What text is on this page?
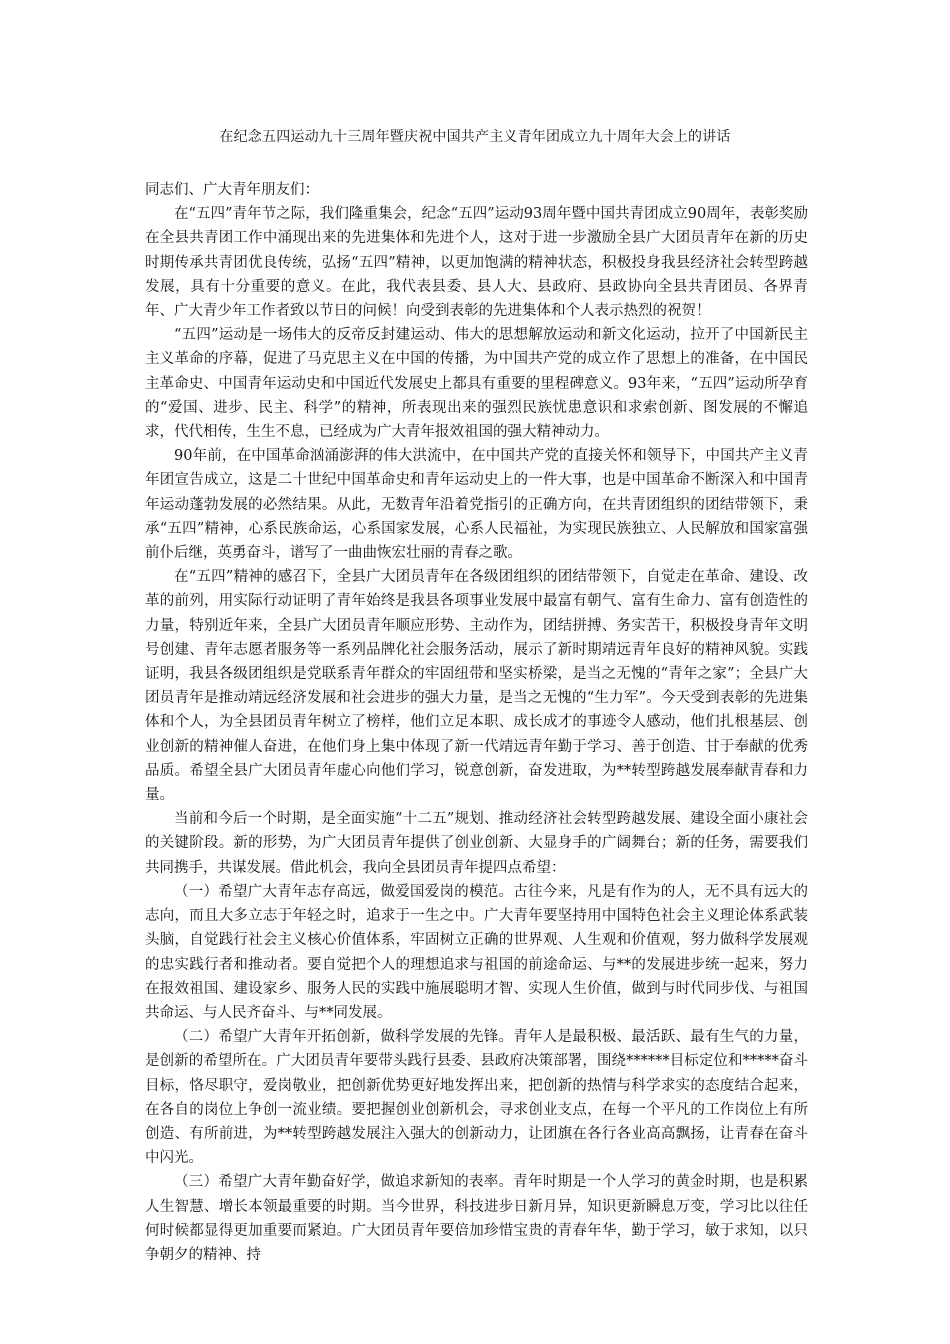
在纪念五四运动九十三周年暨庆祝中国共产主义青年团成立九十周年大会上的讲话

同志们、广大青年朋友们：

在“五四”青年节之际，我们隆重集会，纪念“五四”运动93周年暨中国共青团成立90周年，表彰奖励在全县共青团工作中涌现出来的先进集体和先进个人，这对于进一步激励全县广大团员青年在新的历史时期传承共青团优良传统，弘扬“五四”精神，以更加饱满的精神状态，积极投身我县经济社会转型跨越发展，具有十分重要的意义。在此，我代表县委、县人大、县政府、县政协向全县共青团员、各界青年、广大青少年工作者致以节日的问候！向受到表彰的先进集体和个人表示热烈的祝贺！

“五四”运动是一场伟大的反帝反封建运动、伟大的思想解放运动和新文化运动，拉开了中国新民主主义革命的序幕，促进了马克思主义在中国的传播，为中国共产党的成立作了思想上的准备，在中国民主革命史、中国青年运动史和中国近代发展史上都具有重要的里程碑意义。93年来，“五四”运动所孕育的“爱国、进步、民主、科学”的精神，所表现出来的强烈民族忧患意识和求索创新、图发展的不懈追求，代代相传，生生不息，已经成为广大青年报效祖国的强大精神动力。

90年前，在中国革命汹涌澎湃的伟大洪流中，在中国共产党的直接关怀和领导下，中国共产主义青年团宣告成立，这是二十世纪中国革命史和青年运动史上的一件大事，也是中国革命不断深入和中国青年运动蓬勃发展的必然结果。从此，无数青年沿着党指引的正确方向，在共青团组织的团结带领下，秉承“五四”精神，心系民族命运，心系国家发展，心系人民福祉，为实现民族独立、人民解放和国家富强前仆后继，英勇奋斗，谱写了一曲曲恢宏壮丽的青春之歌。

在“五四”精神的感召下，全县广大团员青年在各级团组织的团结带领下，自觉走在革命、建设、改革的前列，用实际行动证明了青年始终是我县各项事业发展中最富有朝气、富有生命力、富有创造性的力量，特别近年来，全县广大团员青年顺应形势、主动作为，团结拼搏、务实苦干，积极投身青年文明号创建、青年志愿者服务等一系列品牌化社会服务活动，展示了新时期靖远青年良好的精神风貌。实践证明，我县各级团组织是党联系青年群众的牢固纽带和坚实桥梁，是当之无愧的“青年之家”；全县广大团员青年是推动靖远经济发展和社会进步的强大力量，是当之无愧的“生力军”。今天受到表彰的先进集体和个人，为全县团员青年树立了榜样，他们立足本职、成长成才的事迹令人感动，他们扎根基层、创业创新的精神催人奋进，在他们身上集中体现了新一代靖远青年勤于学习、善于创造、甘于奉献的优秀品质。希望全县广大团员青年虚心向他们学习，锐意创新，奋发进取，为**转型跨越发展奉献青春和力量。

当前和今后一个时期，是全面实施“十二五”规划、推动经济社会转型跨越发展、建设全面小康社会的关键阶段。新的形势，为广大团员青年提供了创业创新、大显身手的广阔舞台；新的任务，需要我们共同携手，共谋发展。借此机会，我向全县团员青年提四点希望：

（一）希望广大青年志存高远，做爱国爱岗的模范。古往今来，凡是有作为的人，无不具有远大的志向，而且大多立志于年轻之时，追求于一生之中。广大青年要坚持用中国特色社会主义理论体系武装头脑，自觉践行社会主义核心价值体系，牢固树立正确的世界观、人生观和价值观，努力做科学发展观的忠实践行者和推动者。要自觉把个人的理想追求与祖国的前途命运、与**的发展进步统一起来，努力在报效祖国、建设家乡、服务人民的实践中施展聪明才智、实现人生价值，做到与时代同步伐、与祖国共命运、与人民齐奋斗、与**同发展。

（二）希望广大青年开拓创新，做科学发展的先锋。青年人是最积极、最活跃、最有生气的力量，是创新的希望所在。广大团员青年要带头践行县委、县政府决策部署，围绕******目标定位和*****奋斗目标，恪尽职守，爱岗敬业，把创新优势更好地发挥出来，把创新的热情与科学求实的态度结合起来，在各自的岗位上争创一流业绩。要把握创业创新机会，寻求创业支点，在每一个平凡的工作岗位上有所创造、有所前进，为**转型跨越发展注入强大的创新动力，让团旗在各行各业高高飘扬，让青春在奋斗中闪光。

（三）希望广大青年勤奋好学，做追求新知的表率。青年时期是一个人学习的黄金时期，也是积累人生智慧、增长本领最重要的时期。当今世界，科技进步日新月异，知识更新瞬息万变，学习比以往任何时候都显得更加重要而紧迫。广大团员青年要倍加珍惜宝贵的青春年华，勤于学习，敏于求知，以只争朝夕的精神、持
